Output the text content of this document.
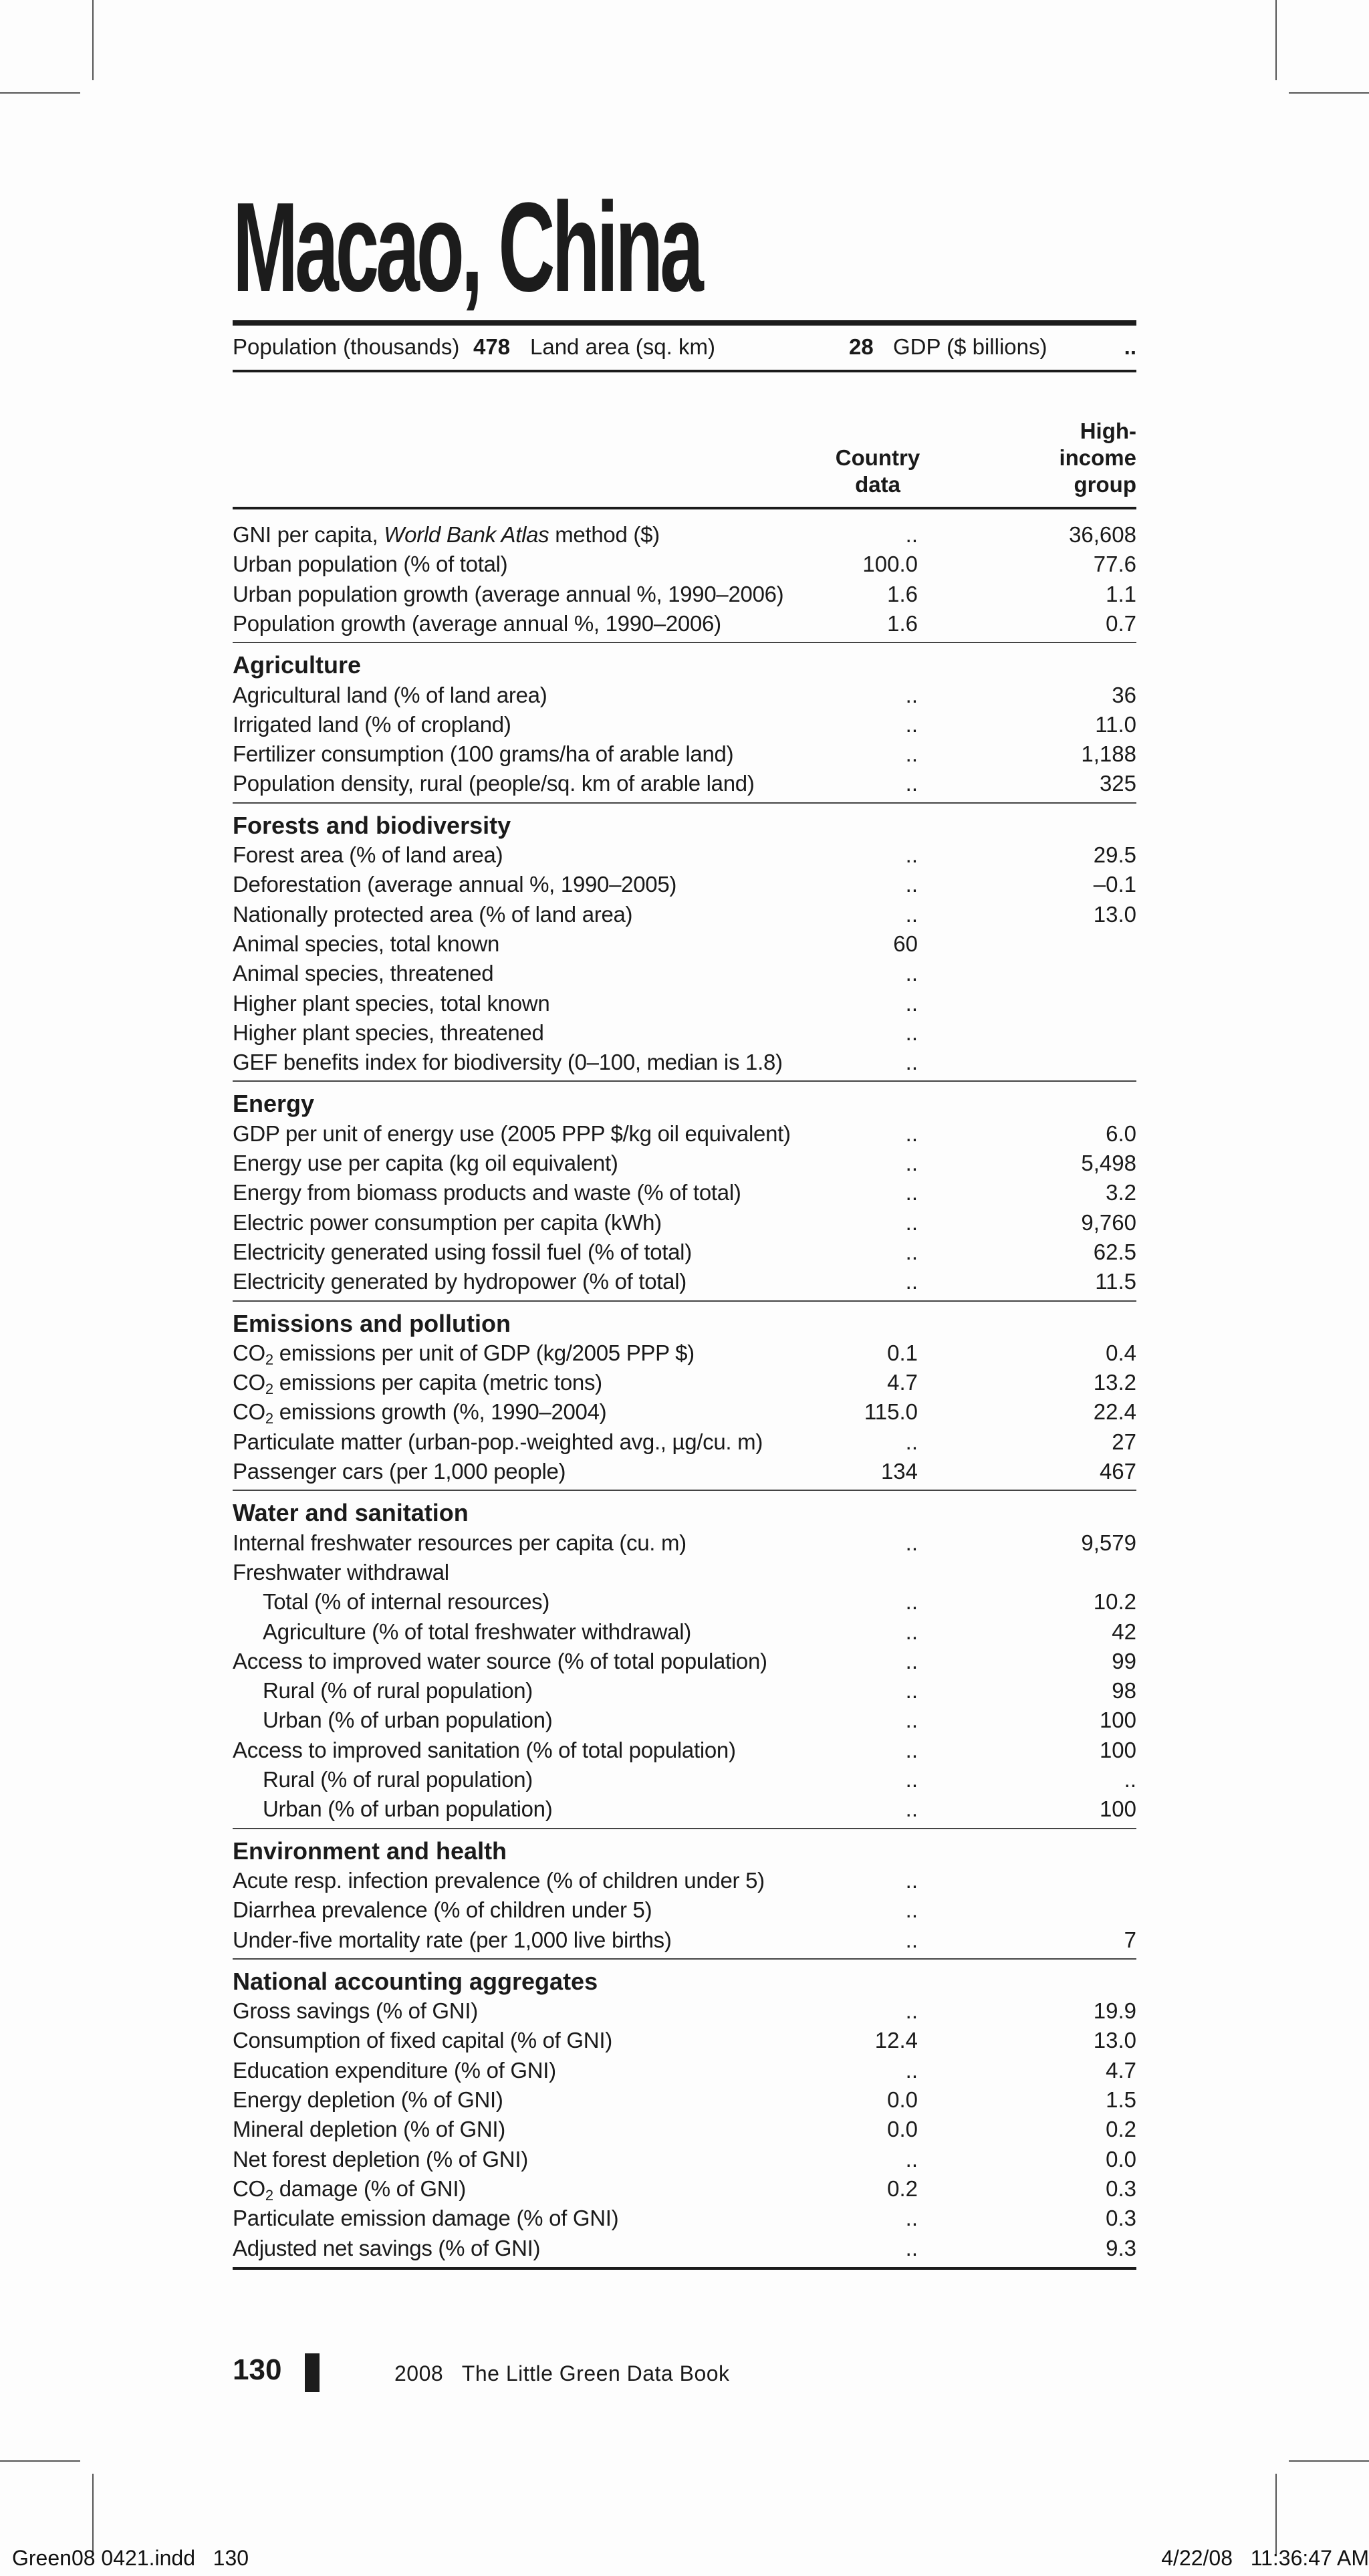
Macao, China
Population (thousands) 478 Land area (sq. km)	28 GDP ($ billions)	..
Country
data
High-
income
group
GNI per capita, World Bank Atlas method ($)	..	36,608
Urban population (% of total)	100.0	77.6
Urban population growth (average annual %, 1990–2006)	1.6	1.1
Population growth (average annual %, 1990–2006)	1.6	0.7
Agriculture
Agricultural land (% of land area)	..	36
Irrigated land (% of cropland)	..	11.0
Fertilizer consumption (100 grams/ha of arable land)	..	1,188
Population density, rural (people/sq. km of arable land)	..	325
Forests and biodiversity
Forest area (% of land area)	..	29.5
Deforestation (average annual %, 1990–2005)	..	–0.1
Nationally protected area (% of land area)	..	13.0
Animal species, total known	60
Animal species, threatened	..
Higher plant species, total known	..
Higher plant species, threatened	..
GEF benefits index for biodiversity (0–100, median is 1.8)	..
Energy
GDP per unit of energy use (2005 PPP $/kg oil equivalent)	..	6.0
Energy use per capita (kg oil equivalent)	..	5,498
Energy from biomass products and waste (% of total)	..	3.2
Electric power consumption per capita (kWh)	..	9,760
Electricity generated using fossil fuel (% of total)	..	62.5
Electricity generated by hydropower (% of total)	..	11.5
Emissions and pollution
$CO_2$ emissions per unit of GDP (kg/2005 PPP $)	0.1	0.4
$CO_2$ emissions per capita (metric tons)	4.7	13.2
$CO_2$ emissions growth (%, 1990–2004)	115.0	22.4
Particulate matter (urban-pop.-weighted avg., µg/cu. m)	..	27
Passenger cars (per 1,000 people)	134	467
Water and sanitation
Internal freshwater resources per capita (cu. m)	..	9,579
Freshwater withdrawal
Total (% of internal resources)	..	10.2
Agriculture (% of total freshwater withdrawal)	..	42
Access to improved water source (% of total population)	..	99
Rural (% of rural population)	..	98
Urban (% of urban population)	..	100
Access to improved sanitation (% of total population)	..	100
Rural (% of rural population)	..	..
Urban (% of urban population)	..	100
Environment and health
Acute resp. infection prevalence (% of children under 5)	..
Diarrhea prevalence (% of children under 5)	..
Under-five mortality rate (per 1,000 live births)	..	7
National accounting aggregates
Gross savings (% of GNI)	..	19.9
Consumption of fixed capital (% of GNI)	12.4	13.0
Education expenditure (% of GNI)	..	4.7
Energy depletion (% of GNI)	0.0	1.5
Mineral depletion (% of GNI)	0.0	0.2
Net forest depletion (% of GNI)	..	0.0
$CO_2$ damage (% of GNI)	0.2	0.3
Particulate emission damage (% of GNI)	..	0.3
Adjusted net savings (% of GNI)	..	9.3
130	2008   The Little Green Data Book
Green08 0421.indd   130	4/22/08   11:36:47 AM
